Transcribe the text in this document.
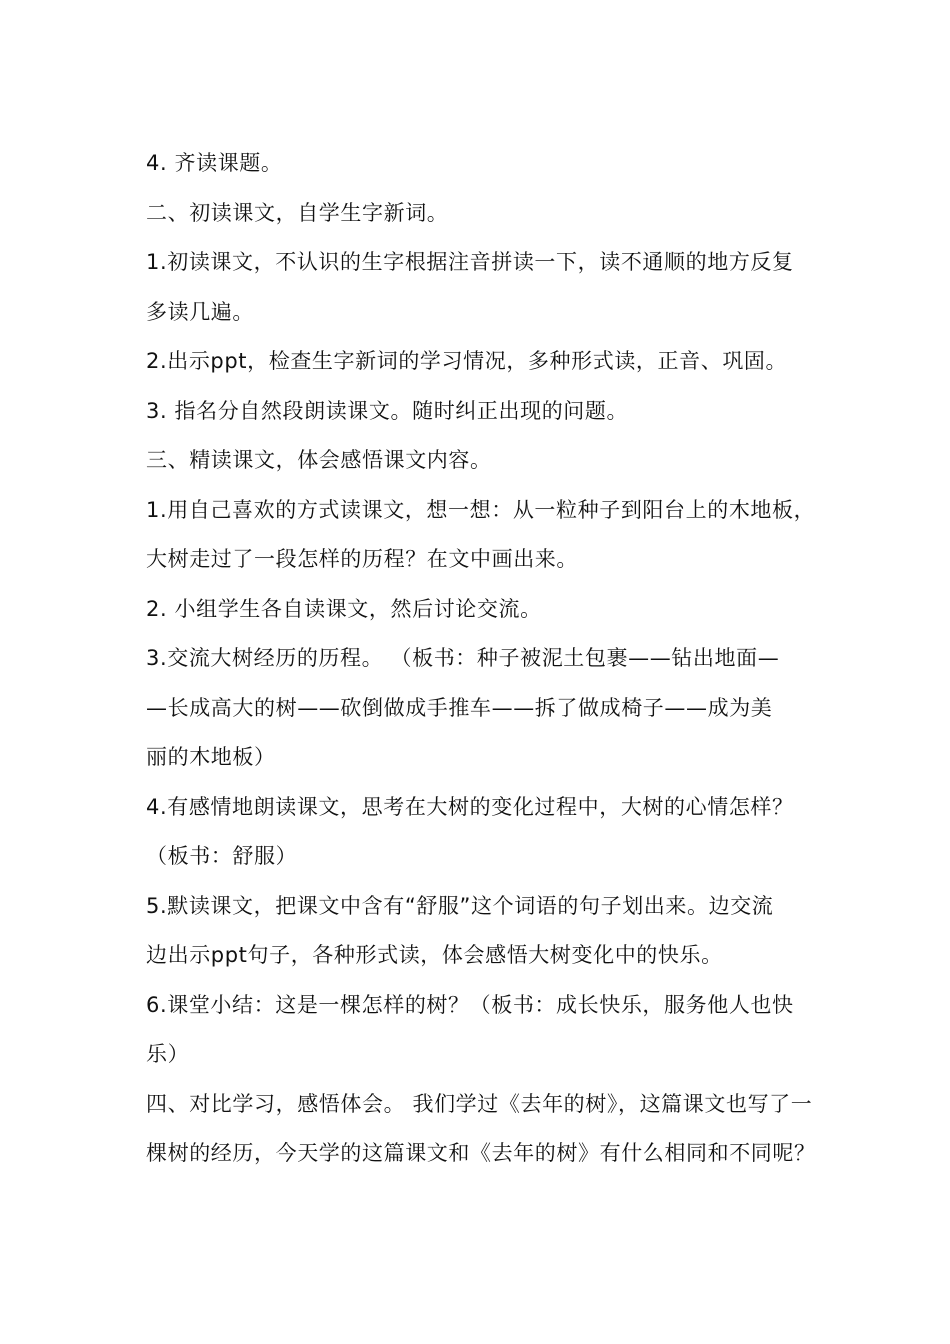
4. 齐读课题。
二、初读课文，自学生字新词。
1.初读课文，不认识的生字根据注音拼读一下，读不通顺的地方反复
多读几遍。
2.出示ppt，检查生字新词的学习情况，多种形式读，正音、巩固。
3. 指名分自然段朗读课文。随时纠正出现的问题。
三、精读课文，体会感悟课文内容。
1.用自己喜欢的方式读课文，想一想：从一粒种子到阳台上的木地板，
大树走过了一段怎样的历程？在文中画出来。
2. 小组学生各自读课文，然后讨论交流。
3.交流大树经历的历程。 （板书：种子被泥土包裹——钻出地面—
—长成高大的树——砍倒做成手推车——拆了做成椅子——成为美
丽的木地板）
4.有感情地朗读课文，思考在大树的变化过程中，大树的心情怎样？
（板书：舒服）
5.默读课文，把课文中含有“舒服”这个词语的句子划出来。边交流
边出示ppt句子，各种形式读，体会感悟大树变化中的快乐。
6.课堂小结：这是一棵怎样的树？（板书：成长快乐，服务他人也快
乐）
四、对比学习，感悟体会。 我们学过《去年的树》，这篇课文也写了一
棵树的经历，今天学的这篇课文和《去年的树》有什么相同和不同呢？
